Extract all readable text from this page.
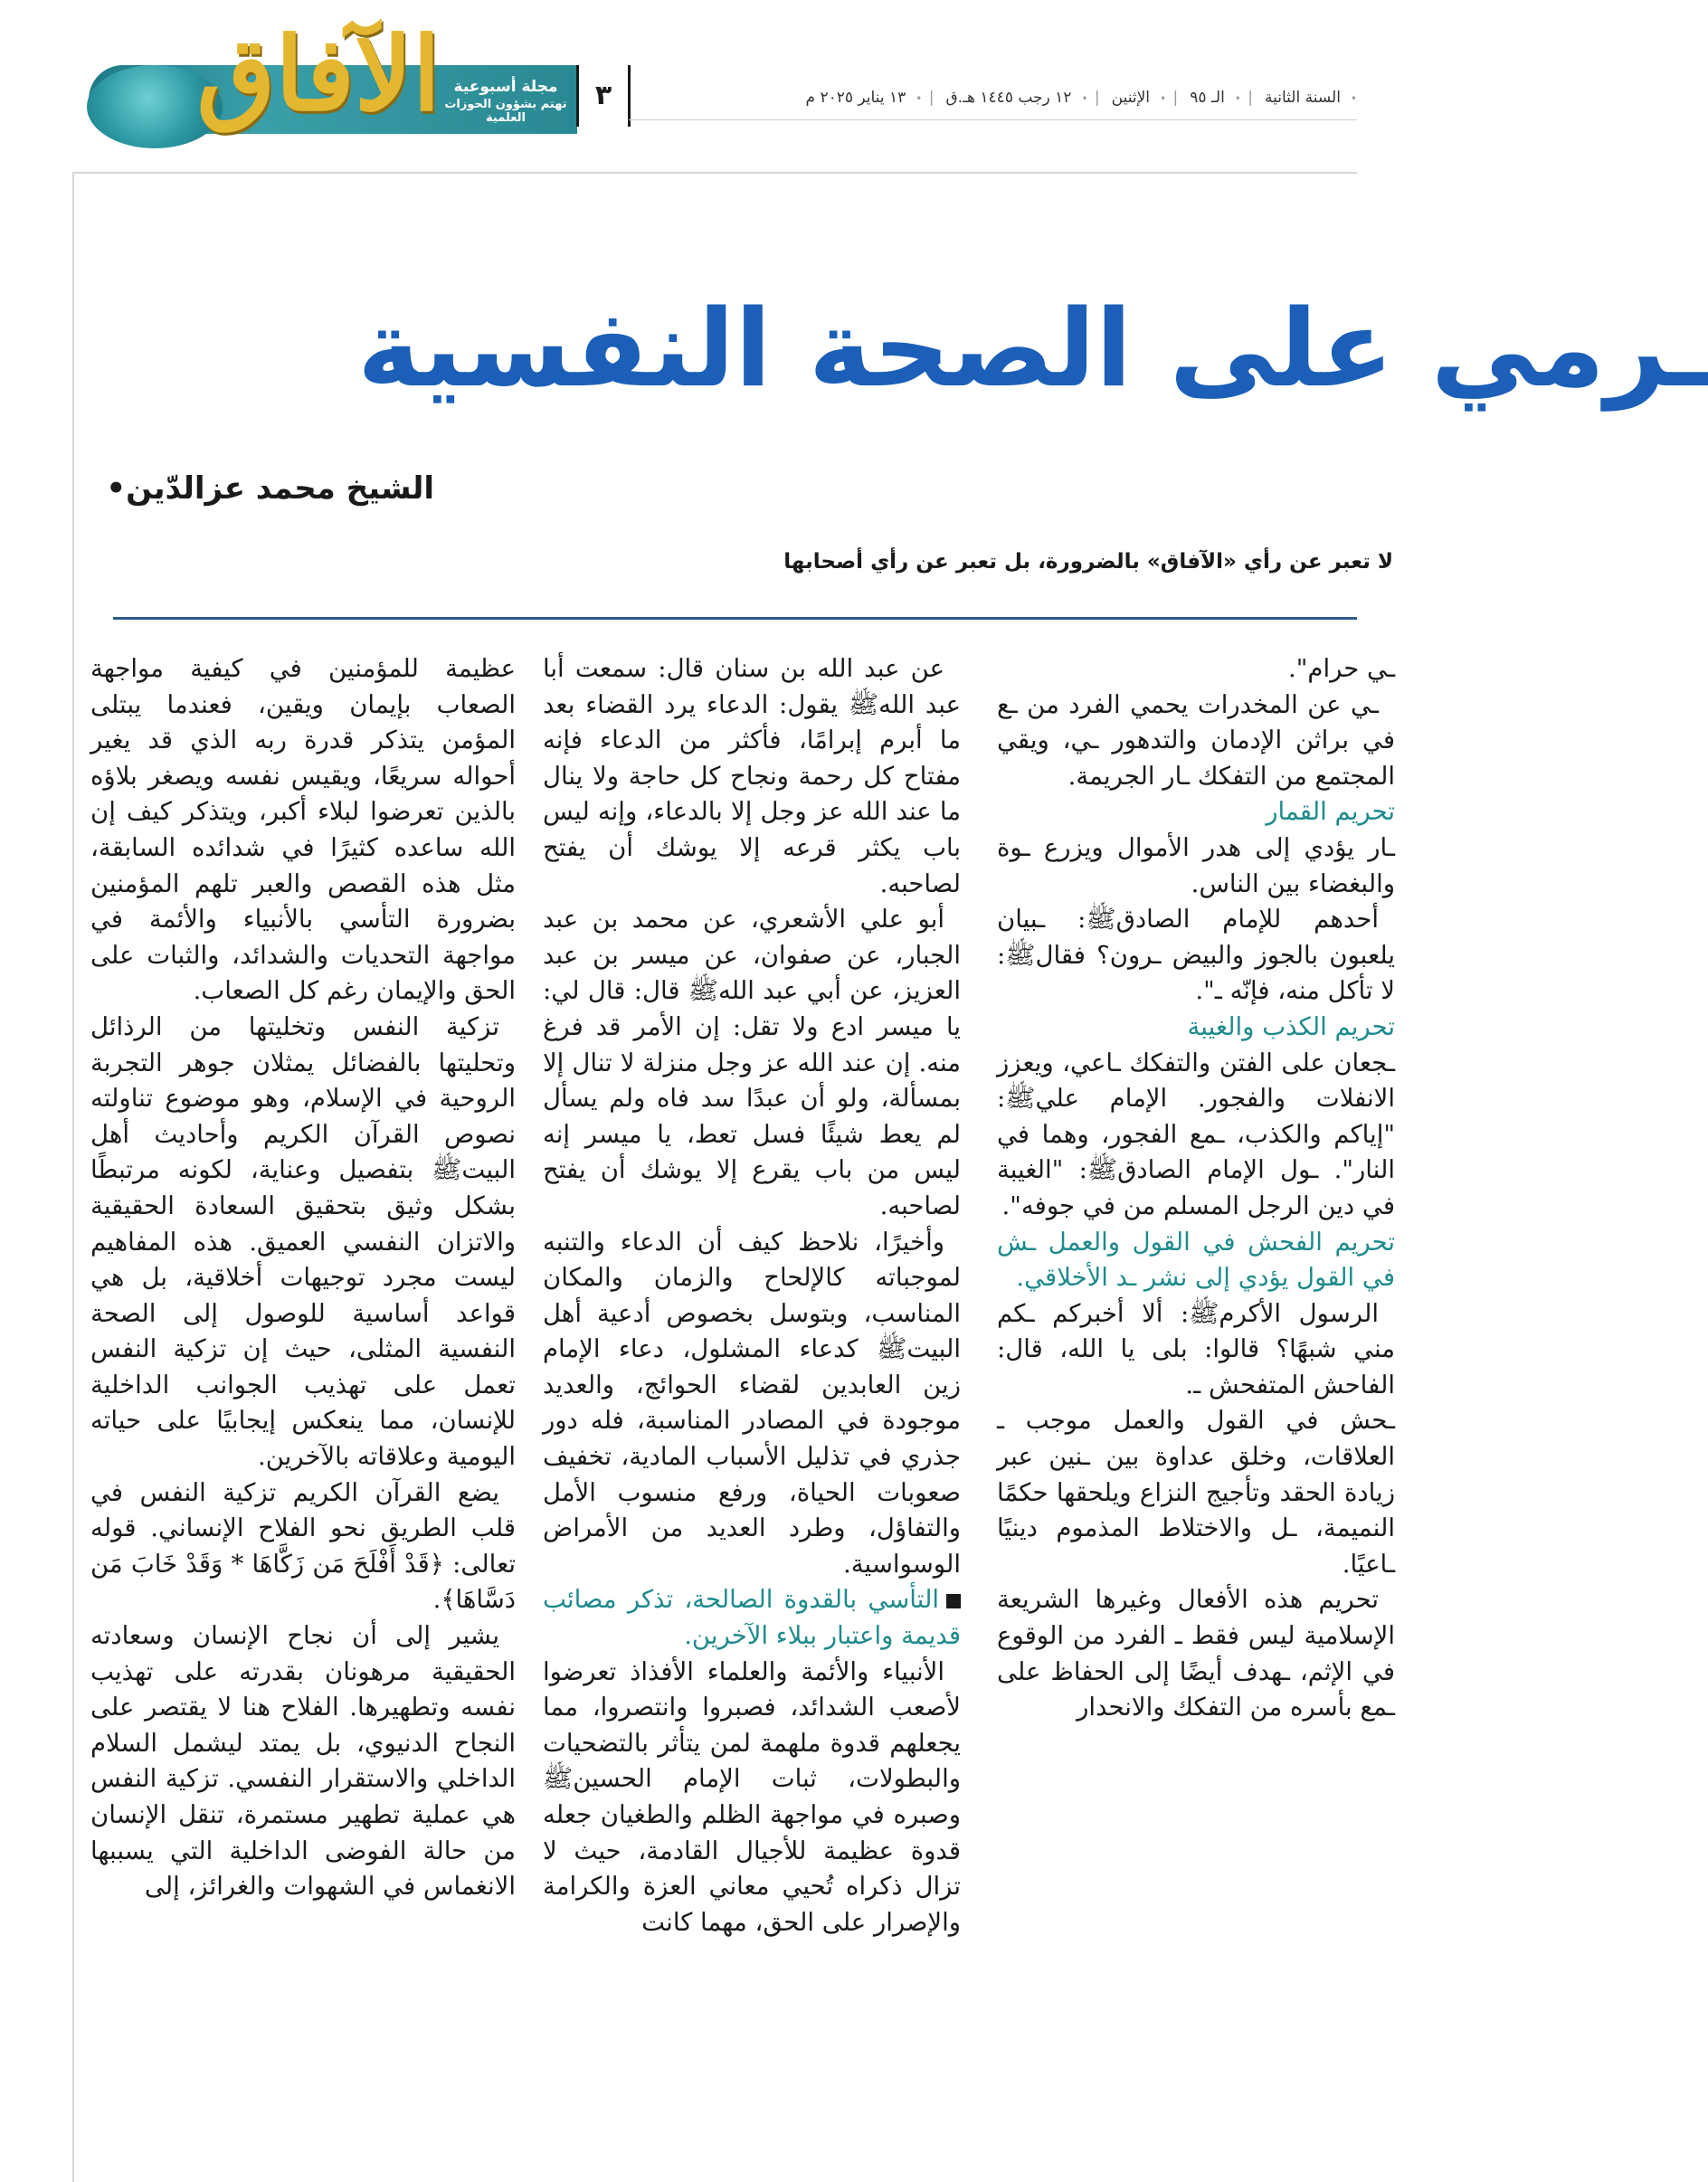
الآفاق مجلة أسبوعية
تهتم بشؤون الحوزات العلمية
٣	•السنة الثانية| •الـ ٩٥| •الإثنين| •١٢ رجب ١٤٤٥ هـ.ق| •١٣ يناير ٢٠٢٥ م
ـرمي على الصحة النفسية
الشيخ محمد عزالدّين•
لا تعبر عن رأي «الآفاق» بالضرورة، بل تعبر عن رأي أصحابها

ـي حرام".

ـي عن المخدرات يحمي الفرد من ـع في براثن الإدمان والتدهور ـي، ويقي المجتمع من التفكك ـار الجريمة.

تحريم القمار

ـار يؤدي إلى هدر الأموال ويزرع ـوة والبغضاء بين الناس.

أحدهم للإمام الصادقﷺ: ـبيان يلعبون بالجوز والبيض ـرون؟ فقالﷺ: لا تأكل منه، فإنّه ـ".

تحريم الكذب والغيبة

ـجعان على الفتن والتفكك ـاعي، ويعزز الانفلات والفجور. الإمام عليﷺ: "إياكم والكذب، ـمع الفجور، وهما في النار". ـول الإمام الصادقﷺ: "الغيبة في دين الرجل المسلم من في جوفه".

تحريم الفحش في القول والعمل ـش في القول يؤدي إلى نشر ـد الأخلاقي.

الرسول الأكرمﷺ: ألا أخبركم ـكم مني شبهًا؟ قالوا: بلى يا الله، قال: الفاحش المتفحش ـ.

ـحش في القول والعمل موجب ـ العلاقات، وخلق عداوة بين ـنين عبر زيادة الحقد وتأجيج النزاع ويلحقها حكمًا النميمة، ـل والاختلاط المذموم دينيًا ـاعيًا.

تحريم هذه الأفعال وغيرها الشريعة الإسلامية ليس فقط ـ الفرد من الوقوع في الإثم، ـهدف أيضًا إلى الحفاظ على ـمع بأسره من التفكك والانحدار

عن عبد الله بن سنان قال: سمعت أبا عبد اللهﷺ يقول: الدعاء يرد القضاء بعد ما أبرم إبرامًا، فأكثر من الدعاء فإنه مفتاح كل رحمة ونجاح كل حاجة ولا ينال ما عند الله عز وجل إلا بالدعاء، وإنه ليس باب يكثر قرعه إلا يوشك أن يفتح لصاحبه.

أبو علي الأشعري، عن محمد بن عبد الجبار، عن صفوان، عن ميسر بن عبد العزيز، عن أبي عبد اللهﷺ قال: قال لي: يا ميسر ادع ولا تقل: إن الأمر قد فرغ منه. إن عند الله عز وجل منزلة لا تنال إلا بمسألة، ولو أن عبدًا سد فاه ولم يسأل لم يعط شيئًا فسل تعط، يا ميسر إنه ليس من باب يقرع إلا يوشك أن يفتح لصاحبه.

وأخيرًا، نلاحظ كيف أن الدعاء والتنبه لموجباته كالإلحاح والزمان والمكان المناسب، وبتوسل بخصوص أدعية أهل البيتﷺ كدعاء المشلول، دعاء الإمام زين العابدين لقضاء الحوائج، والعديد موجودة في المصادر المناسبة، فله دور جذري في تذليل الأسباب المادية، تخفيف صعوبات الحياة، ورفع منسوب الأمل والتفاؤل، وطرد العديد من الأمراض الوسواسية.

التأسي بالقدوة الصالحة، تذكر مصائب قديمة واعتبار ببلاء الآخرين.

الأنبياء والأئمة والعلماء الأفذاذ تعرضوا لأصعب الشدائد، فصبروا وانتصروا، مما يجعلهم قدوة ملهمة لمن يتأثر بالتضحيات والبطولات، ثبات الإمام الحسينﷺ وصبره في مواجهة الظلم والطغيان جعله قدوة عظيمة للأجيال القادمة، حيث لا تزال ذكراه تُحيي معاني العزة والكرامة والإصرار على الحق، مهما كانت

عظيمة للمؤمنين في كيفية مواجهة الصعاب بإيمان ويقين، فعندما يبتلى المؤمن يتذكر قدرة ربه الذي قد يغير أحواله سريعًا، ويقيس نفسه ويصغر بلاؤه بالذين تعرضوا لبلاء أكبر، ويتذكر كيف إن الله ساعده كثيرًا في شدائده السابقة، مثل هذه القصص والعبر تلهم المؤمنين بضرورة التأسي بالأنبياء والأئمة في مواجهة التحديات والشدائد، والثبات على الحق والإيمان رغم كل الصعاب.

تزكية النفس وتخليتها من الرذائل وتحليتها بالفضائل يمثلان جوهر التجربة الروحية في الإسلام، وهو موضوع تناولته نصوص القرآن الكريم وأحاديث أهل البيتﷺ بتفصيل وعناية، لكونه مرتبطًا بشكل وثيق بتحقيق السعادة الحقيقية والاتزان النفسي العميق. هذه المفاهيم ليست مجرد توجيهات أخلاقية، بل هي قواعد أساسية للوصول إلى الصحة النفسية المثلى، حيث إن تزكية النفس تعمل على تهذيب الجوانب الداخلية للإنسان، مما ينعكس إيجابيًا على حياته اليومية وعلاقاته بالآخرين.

يضع القرآن الكريم تزكية النفس في قلب الطريق نحو الفلاح الإنساني. قوله تعالى: ﴿قَدْ أَفْلَحَ مَن زَكَّاهَا * وَقَدْ خَابَ مَن دَسَّاهَا﴾.

يشير إلى أن نجاح الإنسان وسعادته الحقيقية مرهونان بقدرته على تهذيب نفسه وتطهيرها. الفلاح هنا لا يقتصر على النجاح الدنيوي، بل يمتد ليشمل السلام الداخلي والاستقرار النفسي. تزكية النفس هي عملية تطهير مستمرة، تنقل الإنسان من حالة الفوضى الداخلية التي يسببها الانغماس في الشهوات والغرائز، إلى
